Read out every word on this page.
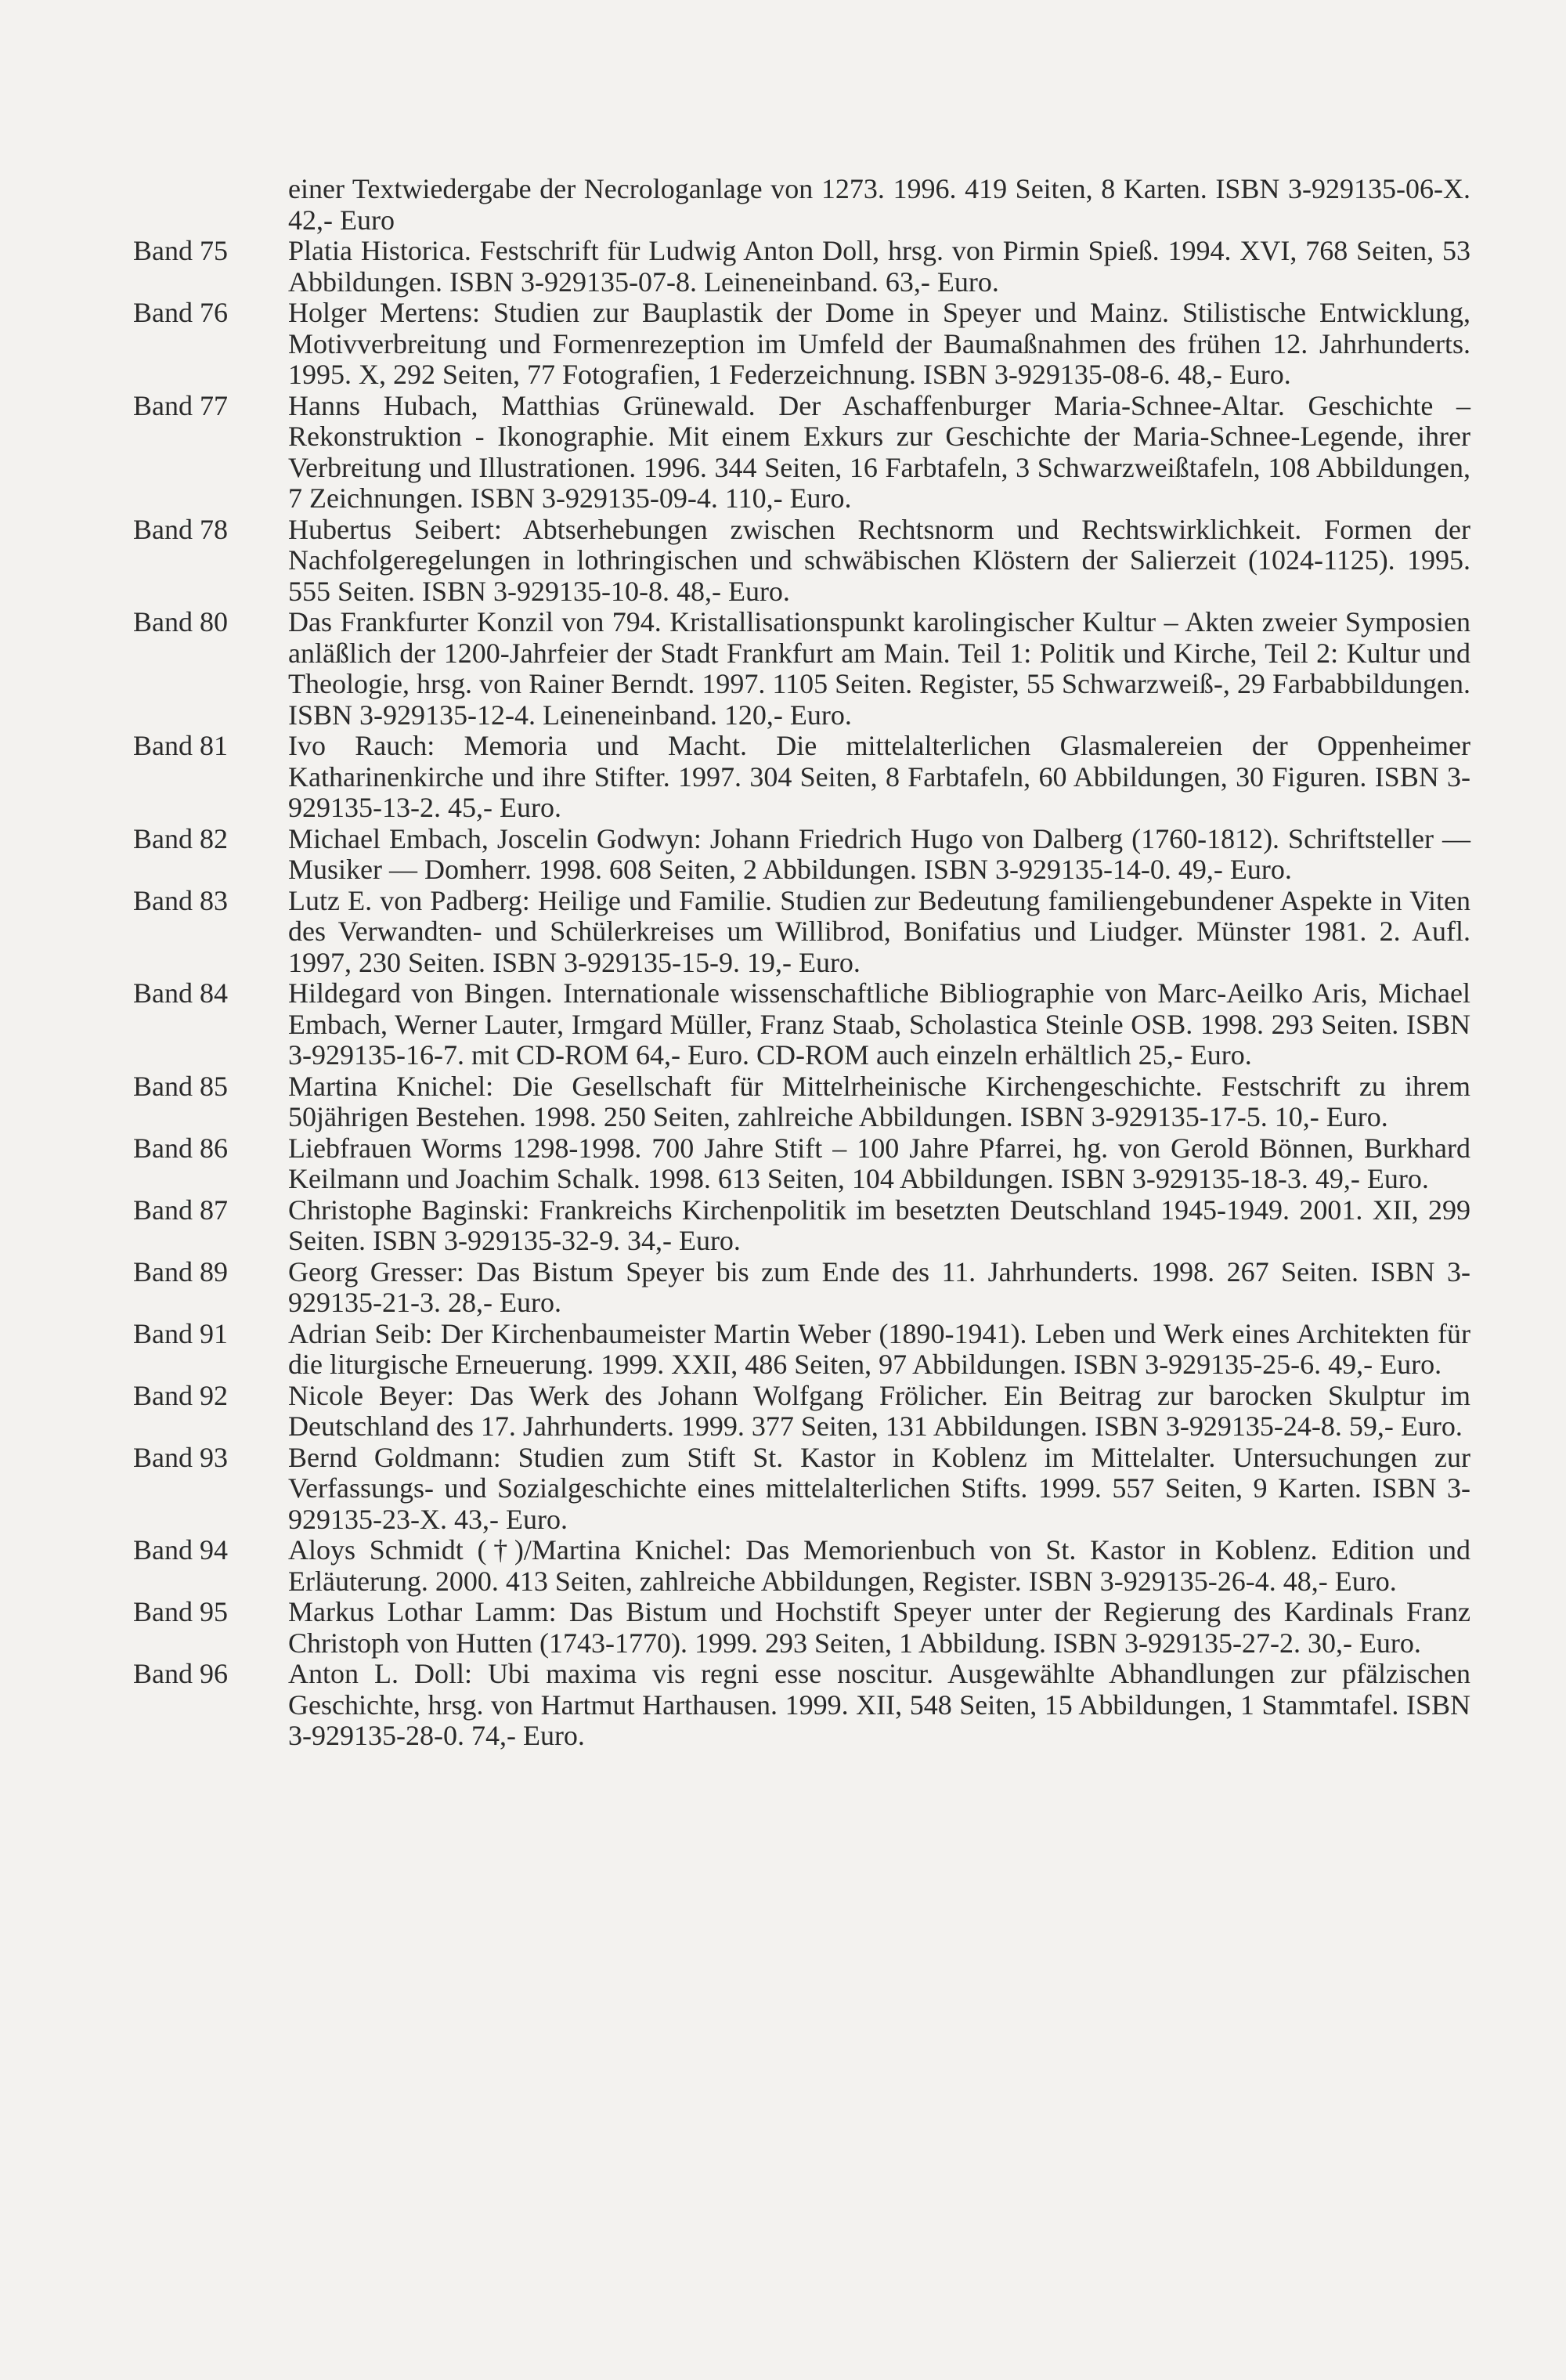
einer Textwiedergabe der Necrologanlage von 1273. 1996. 419 Seiten, 8 Karten. ISBN 3-929135-06-X. 42,- Euro
Band 75	Platia Historica. Festschrift für Ludwig Anton Doll, hrsg. von Pirmin Spieß. 1994. XVI, 768 Seiten, 53 Abbildungen. ISBN 3-929135-07-8. Leineneinband. 63,- Euro.
Band 76	Holger Mertens: Studien zur Bauplastik der Dome in Speyer und Mainz. Stilistische Entwicklung, Motivverbreitung und Formenrezeption im Umfeld der Baumaßnahmen des frühen 12. Jahrhunderts. 1995. X, 292 Seiten, 77 Fotografien, 1 Federzeichnung. ISBN 3-929135-08-6. 48,- Euro.
Band 77	Hanns Hubach, Matthias Grünewald. Der Aschaffenburger Maria-Schnee-Altar. Geschichte – Rekonstruktion - Ikonographie. Mit einem Exkurs zur Geschichte der Maria-Schnee-Legende, ihrer Verbreitung und Illustrationen. 1996. 344 Seiten, 16 Farbtafeln, 3 Schwarzweißtafeln, 108 Abbildungen, 7 Zeichnungen. ISBN 3-929135-09-4. 110,- Euro.
Band 78	Hubertus Seibert: Abtserhebungen zwischen Rechtsnorm und Rechtswirklichkeit. Formen der Nachfolgeregelungen in lothringischen und schwäbischen Klöstern der Salierzeit (1024-1125). 1995. 555 Seiten. ISBN 3-929135-10-8. 48,- Euro.
Band 80	Das Frankfurter Konzil von 794. Kristallisationspunkt karolingischer Kultur – Akten zweier Symposien anläßlich der 1200-Jahrfeier der Stadt Frankfurt am Main. Teil 1: Politik und Kirche, Teil 2: Kultur und Theologie, hrsg. von Rainer Berndt. 1997. 1105 Seiten. Register, 55 Schwarzweiß-, 29 Farbabbildungen. ISBN 3-929135-12-4. Leineneinband. 120,- Euro.
Band 81	Ivo Rauch: Memoria und Macht. Die mittelalterlichen Glasmalereien der Oppenheimer Katharinenkirche und ihre Stifter. 1997. 304 Seiten, 8 Farbtafeln, 60 Abbildungen, 30 Figuren. ISBN 3-929135-13-2. 45,- Euro.
Band 82	Michael Embach, Joscelin Godwyn: Johann Friedrich Hugo von Dalberg (1760-1812). Schriftsteller — Musiker — Domherr. 1998. 608 Seiten, 2 Abbildungen. ISBN 3-929135-14-0. 49,- Euro.
Band 83	Lutz E. von Padberg: Heilige und Familie. Studien zur Bedeutung familiengebundener Aspekte in Viten des Verwandten- und Schülerkreises um Willibrod, Bonifatius und Liudger. Münster 1981. 2. Aufl. 1997, 230 Seiten. ISBN 3-929135-15-9. 19,- Euro.
Band 84	Hildegard von Bingen. Internationale wissenschaftliche Bibliographie von Marc-Aeilko Aris, Michael Embach, Werner Lauter, Irmgard Müller, Franz Staab, Scholastica Steinle OSB. 1998. 293 Seiten. ISBN 3-929135-16-7. mit CD-ROM 64,- Euro. CD-ROM auch einzeln erhältlich 25,- Euro.
Band 85	Martina Knichel: Die Gesellschaft für Mittelrheinische Kirchengeschichte. Festschrift zu ihrem 50jährigen Bestehen. 1998. 250 Seiten, zahlreiche Abbildungen. ISBN 3-929135-17-5. 10,- Euro.
Band 86	Liebfrauen Worms 1298-1998. 700 Jahre Stift – 100 Jahre Pfarrei, hg. von Gerold Bönnen, Burkhard Keilmann und Joachim Schalk. 1998. 613 Seiten, 104 Abbildungen. ISBN 3-929135-18-3. 49,- Euro.
Band 87	Christophe Baginski: Frankreichs Kirchenpolitik im besetzten Deutschland 1945-1949. 2001. XII, 299 Seiten. ISBN 3-929135-32-9. 34,- Euro.
Band 89	Georg Gresser: Das Bistum Speyer bis zum Ende des 11. Jahrhunderts. 1998. 267 Seiten. ISBN 3-929135-21-3. 28,- Euro.
Band 91	Adrian Seib: Der Kirchenbaumeister Martin Weber (1890-1941). Leben und Werk eines Architekten für die liturgische Erneuerung. 1999. XXII, 486 Seiten, 97 Abbildungen. ISBN 3-929135-25-6. 49,- Euro.
Band 92	Nicole Beyer: Das Werk des Johann Wolfgang Frölicher. Ein Beitrag zur barocken Skulptur im Deutschland des 17. Jahrhunderts. 1999. 377 Seiten, 131 Abbildungen. ISBN 3-929135-24-8. 59,- Euro.
Band 93	Bernd Goldmann: Studien zum Stift St. Kastor in Koblenz im Mittelalter. Untersuchungen zur Verfassungs- und Sozialgeschichte eines mittelalterlichen Stifts. 1999. 557 Seiten, 9 Karten. ISBN 3-929135-23-X. 43,- Euro.
Band 94	Aloys Schmidt (†)/Martina Knichel: Das Memorienbuch von St. Kastor in Koblenz. Edition und Erläuterung. 2000. 413 Seiten, zahlreiche Abbildungen, Register. ISBN 3-929135-26-4. 48,- Euro.
Band 95	Markus Lothar Lamm: Das Bistum und Hochstift Speyer unter der Regierung des Kardinals Franz Christoph von Hutten (1743-1770). 1999. 293 Seiten, 1 Abbildung. ISBN 3-929135-27-2. 30,- Euro.
Band 96	Anton L. Doll: Ubi maxima vis regni esse noscitur. Ausgewählte Abhandlungen zur pfälzischen Geschichte, hrsg. von Hartmut Harthausen. 1999. XII, 548 Seiten, 15 Abbildungen, 1 Stammtafel. ISBN 3-929135-28-0. 74,- Euro.
